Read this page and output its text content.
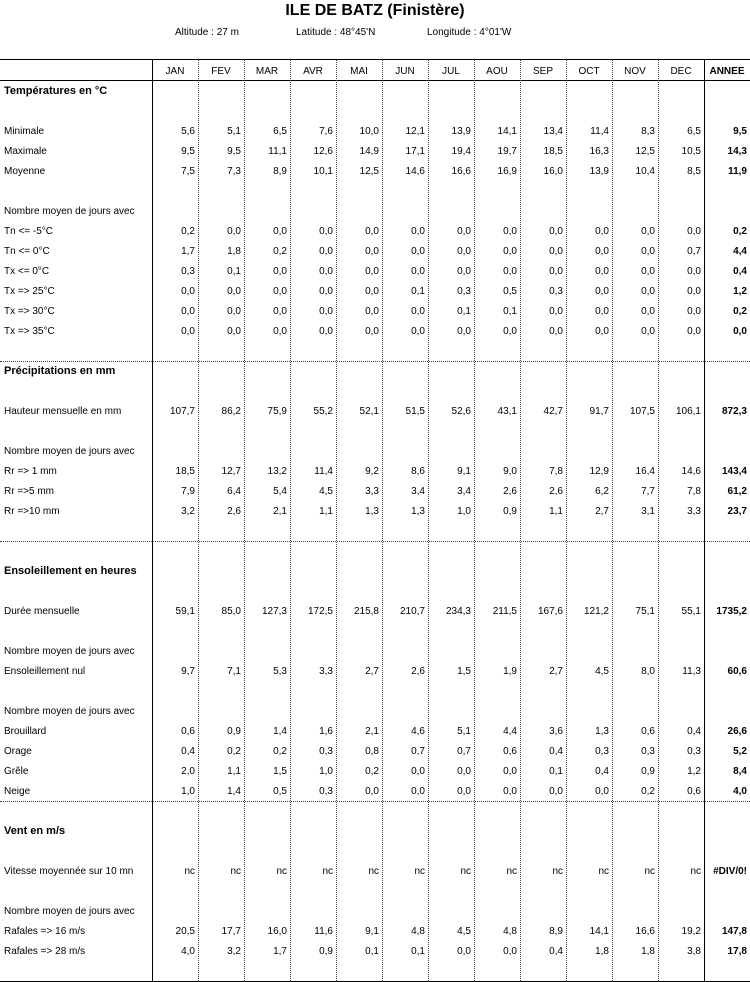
ILE DE BATZ (Finistère)
Altitude : 27 m	Latitude : 48°45'N	Longitude : 4°01'W
JAN	FEV	MAR	AVR	MAI	JUN	JUL	AOU	SEP	OCT	NOV	DEC	ANNEE
Températures en °C
Minimale	5,6	5,1	6,5	7,6	10,0	12,1	13,9	14,1	13,4	11,4	8,3	6,5	9,5
Maximale	9,5	9,5	11,1	12,6	14,9	17,1	19,4	19,7	18,5	16,3	12,5	10,5	14,3
Moyenne	7,5	7,3	8,9	10,1	12,5	14,6	16,6	16,9	16,0	13,9	10,4	8,5	11,9
Nombre moyen de jours avec
Tn <= -5°C	0,2	0,0	0,0	0,0	0,0	0,0	0,0	0,0	0,0	0,0	0,0	0,0	0,2
Tn <= 0°C	1,7	1,8	0,2	0,0	0,0	0,0	0,0	0,0	0,0	0,0	0,0	0,7	4,4
Tx <= 0°C	0,3	0,1	0,0	0,0	0,0	0,0	0,0	0,0	0,0	0,0	0,0	0,0	0,4
Tx => 25°C	0,0	0,0	0,0	0,0	0,0	0,1	0,3	0,5	0,3	0,0	0,0	0,0	1,2
Tx => 30°C	0,0	0,0	0,0	0,0	0,0	0,0	0,1	0,1	0,0	0,0	0,0	0,0	0,2
Tx => 35°C	0,0	0,0	0,0	0,0	0,0	0,0	0,0	0,0	0,0	0,0	0,0	0,0	0,0
Précipitations en mm
Hauteur mensuelle en mm	107,7	86,2	75,9	55,2	52,1	51,5	52,6	43,1	42,7	91,7	107,5	106,1	872,3
Nombre moyen de jours avec
Rr => 1 mm	18,5	12,7	13,2	11,4	9,2	8,6	9,1	9,0	7,8	12,9	16,4	14,6	143,4
Rr =>5 mm	7,9	6,4	5,4	4,5	3,3	3,4	3,4	2,6	2,6	6,2	7,7	7,8	61,2
Rr =>10 mm	3,2	2,6	2,1	1,1	1,3	1,3	1,0	0,9	1,1	2,7	3,1	3,3	23,7
Ensoleillement en heures
Durée mensuelle	59,1	85,0	127,3	172,5	215,8	210,7	234,3	211,5	167,6	121,2	75,1	55,1	1735,2
Nombre moyen de jours avec
Ensoleillement nul	9,7	7,1	5,3	3,3	2,7	2,6	1,5	1,9	2,7	4,5	8,0	11,3	60,6
Nombre moyen de jours avec
Brouillard	0,6	0,9	1,4	1,6	2,1	4,6	5,1	4,4	3,6	1,3	0,6	0,4	26,6
Orage	0,4	0,2	0,2	0,3	0,8	0,7	0,7	0,6	0,4	0,3	0,3	0,3	5,2
Grêle	2,0	1,1	1,5	1,0	0,2	0,0	0,0	0,0	0,1	0,4	0,9	1,2	8,4
Neige	1,0	1,4	0,5	0,3	0,0	0,0	0,0	0,0	0,0	0,0	0,2	0,6	4,0
Vent en m/s
Vitesse moyennée sur 10 mn	nc	nc	nc	nc	nc	nc	nc	nc	nc	nc	nc	nc	#DIV/0!
Nombre moyen de jours avec
Rafales => 16 m/s	20,5	17,7	16,0	11,6	9,1	4,8	4,5	4,8	8,9	14,1	16,6	19,2	147,8
Rafales => 28 m/s	4,0	3,2	1,7	0,9	0,1	0,1	0,0	0,0	0,4	1,8	1,8	3,8	17,8
